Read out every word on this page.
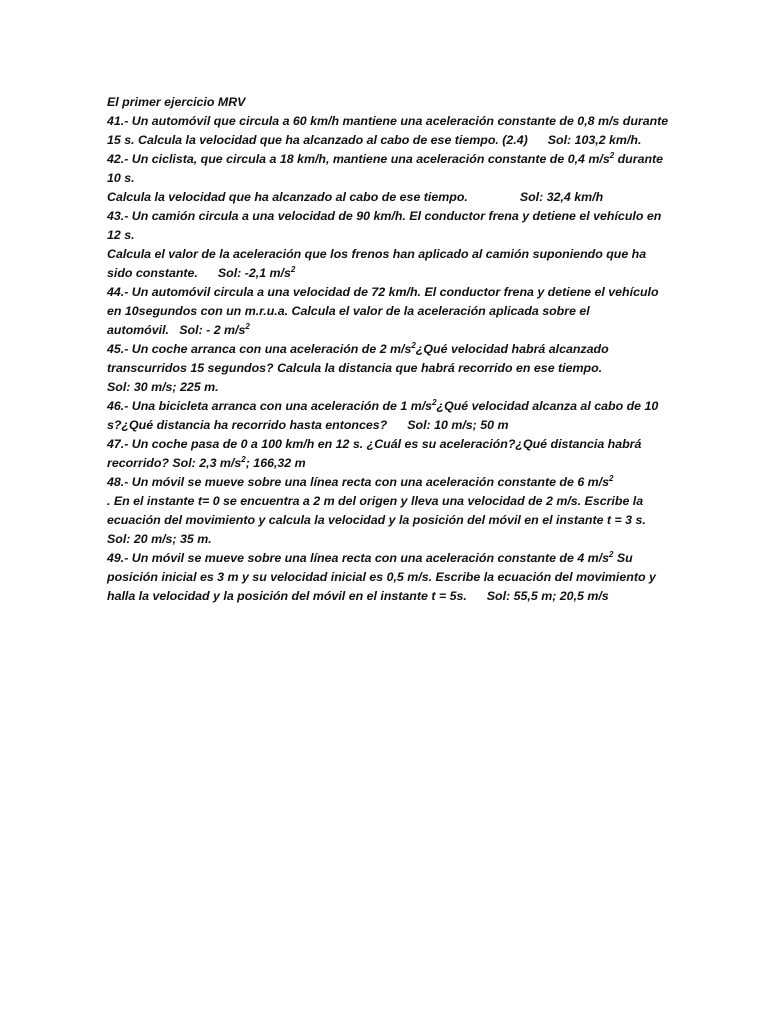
El primer ejercicio MRV

41.- Un automóvil que circula a 60 km/h mantiene una aceleración constante de 0,8 m/s durante 15 s. Calcula la velocidad que ha alcanzado al cabo de ese tiempo. (2.4) Sol: 103,2 km/h.

42.- Un ciclista, que circula a 18 km/h, mantiene una aceleración constante de 0,4 $m/s^2$ durante 10 s.
Calcula la velocidad que ha alcanzado al cabo de ese tiempo.	Sol: 32,4 km/h

43.- Un camión circula a una velocidad de 90 km/h. El conductor frena y detiene el vehículo en 12 s.
Calcula el valor de la aceleración que los frenos han aplicado al camión suponiendo que ha sido constante. Sol: -2,1 $m/s^2$

44.- Un automóvil circula a una velocidad de 72 km/h. El conductor frena y detiene el vehículo en 10segundos con un m.r.u.a. Calcula el valor de la aceleración aplicada sobre el automóvil. Sol: - 2 $m/s^2$

45.- Un coche arranca con una aceleración de 2 $m/s^2¿Qué$ velocidad habrá alcanzado transcurridos 15 segundos? Calcula la distancia que habrá recorrido en ese tiempo.
Sol: 30 m/s; 225 m.

46.- Una bicicleta arranca con una aceleración de 1 $m/s^2¿Qué$ velocidad alcanza al cabo de 10 s?¿Qué distancia ha recorrido hasta entonces? Sol: 10 m/s; 50 m

47.- Un coche pasa de 0 a 100 km/h en 12 s. ¿Cuál es su aceleración?¿Qué distancia habrá recorrido? Sol: 2,3 $m/s^2$; 166,32 m

48.- Un móvil se mueve sobre una línea recta con una aceleración constante de 6 $m/s^2$
. En el instante t= 0 se encuentra a 2 m del origen y lleva una velocidad de 2 m/s. Escribe la ecuación del movimiento y calcula la velocidad y la posición del móvil en el instante t = 3 s.Sol: 20 m/s; 35 m.

49.- Un móvil se mueve sobre una línea recta con una aceleración constante de 4 $m/s^2$ Su posición inicial es 3 m y su velocidad inicial es 0,5 m/s. Escribe la ecuación del movimiento y halla la velocidad y la posición del móvil en el instante t = 5s. Sol: 55,5 m; 20,5 m/s
